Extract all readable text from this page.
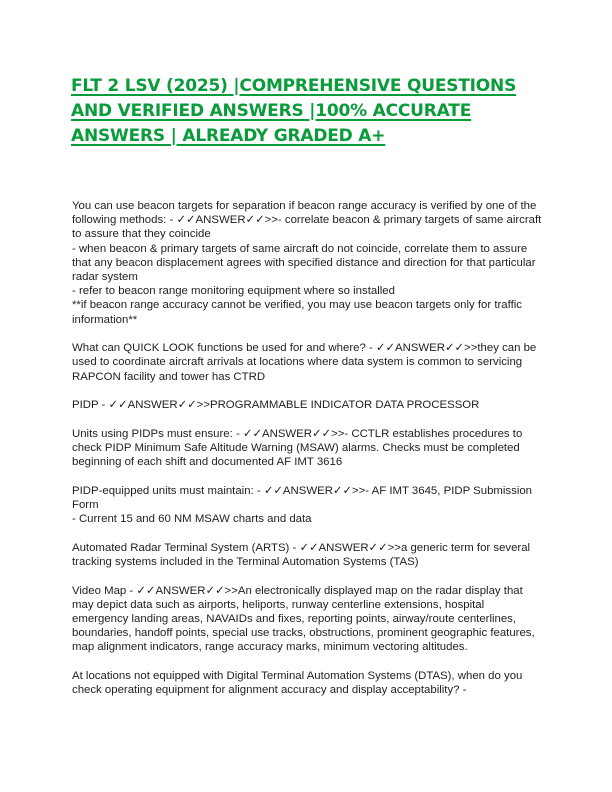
FLT 2 LSV (2025) |COMPREHENSIVE QUESTIONS AND VERIFIED ANSWERS |100% ACCURATE ANSWERS | ALREADY GRADED A+
You can use beacon targets for separation if beacon range accuracy is verified by one of the following methods: - ✓✓ANSWER✓✓>>- correlate beacon & primary targets of same aircraft to assure that they coincide
- when beacon & primary targets of same aircraft do not coincide, correlate them to assure that any beacon displacement agrees with specified distance and direction for that particular radar system
- refer to beacon range monitoring equipment where so installed
**if beacon range accuracy cannot be verified, you may use beacon targets only for traffic information**
What can QUICK LOOK functions be used for and where? - ✓✓ANSWER✓✓>>they can be used to coordinate aircraft arrivals at locations where data system is common to servicing RAPCON facility and tower has CTRD
PIDP - ✓✓ANSWER✓✓>>PROGRAMMABLE INDICATOR DATA PROCESSOR
Units using PIDPs must ensure: - ✓✓ANSWER✓✓>>- CCTLR establishes procedures to check PIDP Minimum Safe Altitude Warning (MSAW) alarms. Checks must be completed beginning of each shift and documented AF IMT 3616
PIDP-equipped units must maintain: - ✓✓ANSWER✓✓>>- AF IMT 3645, PIDP Submission Form
- Current 15 and 60 NM MSAW charts and data
Automated Radar Terminal System (ARTS) - ✓✓ANSWER✓✓>>a generic term for several tracking systems included in the Terminal Automation Systems (TAS)
Video Map - ✓✓ANSWER✓✓>>An electronically displayed map on the radar display that may depict data such as airports, heliports, runway centerline extensions, hospital emergency landing areas, NAVAIDs and fixes, reporting points, airway/route centerlines, boundaries, handoff points, special use tracks, obstructions, prominent geographic features, map alignment indicators, range accuracy marks, minimum vectoring altitudes.
At locations not equipped with Digital Terminal Automation Systems (DTAS), when do you check operating equipment for alignment accuracy and display acceptability? -
